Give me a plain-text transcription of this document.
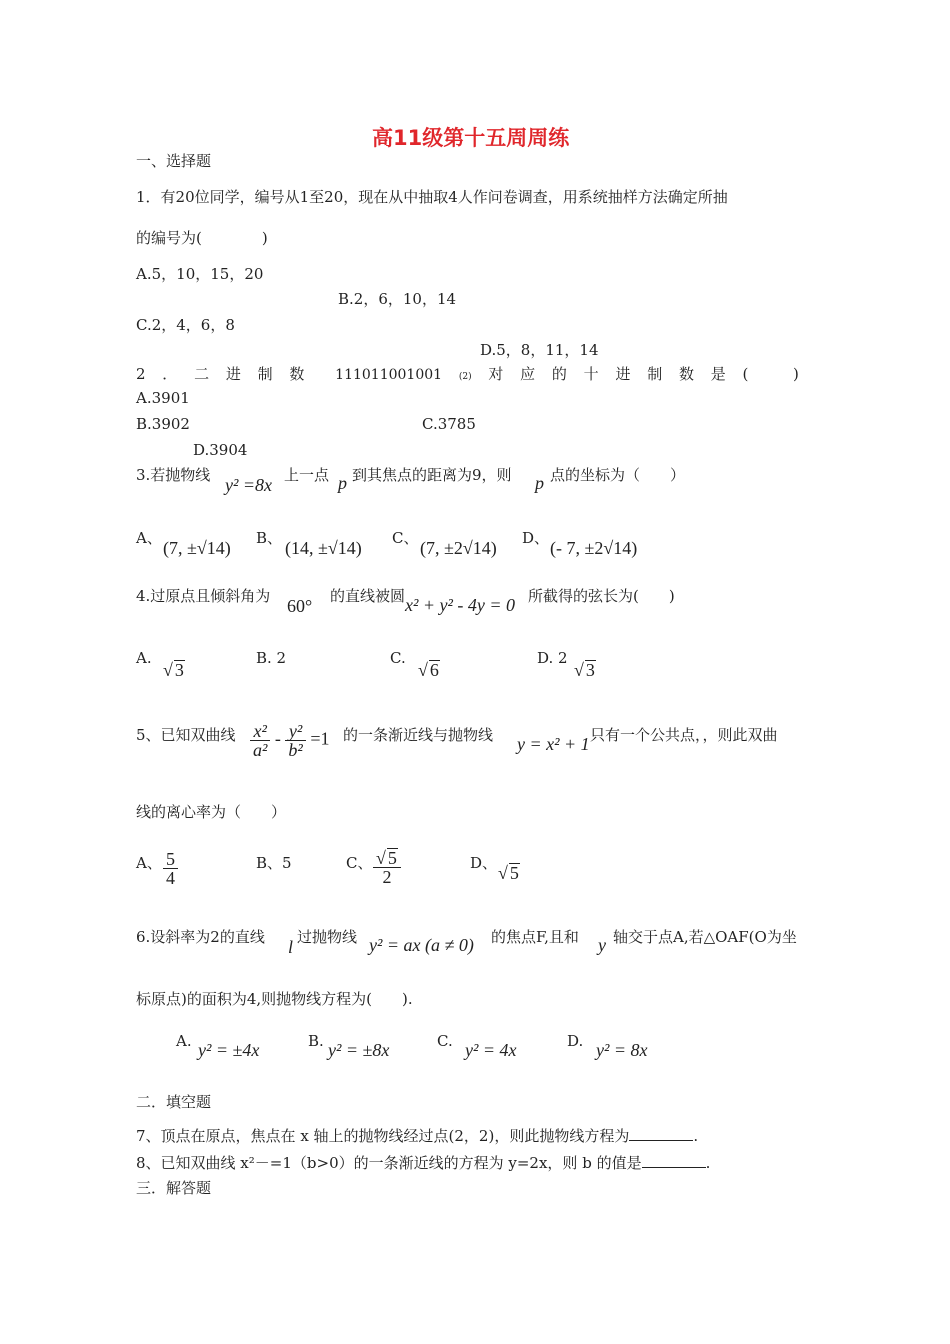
高11级第十五周周练
一、选择题
1．有20位同学，编号从1至20，现在从中抽取4人作问卷调查，用系统抽样方法确定所抽
的编号为(　　　　)
A.5，10，15，20
B.2，6，10，14
C.2，4，6，8
D.5，8，11，14
2 ． 二 进 制 数 111011001001 (2) 对 应 的 十 进 制 数 是 (	)
A.3901
B.3902	C.3785
D.3904
3.若抛物线 y² =8x 上一点 p 到其焦点的距离为9，则 p 点的坐标为（　　）
A、 (7, ±√14) B、 (14, ±√14) C、 (7, ±2√14) D、 (- 7, ±2√14)
4.过原点且倾斜角为 60° 的直线被圆 x² + y² - 4y = 0 所截得的弦长为(　　)
A.
√ 3
B. 2	C.
√ 6
D. 2
√ 3
5、已知双曲线 $\frac{\text{x²}}{\text{a²}} - \frac{\text{y²}}{\text{b²}} =1$ 的一条渐近线与抛物线 y = x² + 1 只有一个公共点，，则此双曲
线的离心率为（　　）
A、 $\frac{5}{4}$	B、5	C、 $\frac{√ 5}{2}$	D、 √ 5
6.设斜率为2的直线 l 过抛物线 y² = ax (a ≠ 0) 的焦点F,且和 y 轴交于点A,若△OAF(O为坐
标原点)的面积为4,则抛物线方程为(　　).
A. y² = ±4x	B. y² = ±8x	C. y² = 4x	D. y² = 8x
二．填空题
7、顶点在原点，焦点在 x 轴上的抛物线经过点(2，2)，则此抛物线方程为	.
8、已知双曲线 x²－=1（b>0）的一条渐近线的方程为 y=2x，则 b 的值是	.
三．解答题
